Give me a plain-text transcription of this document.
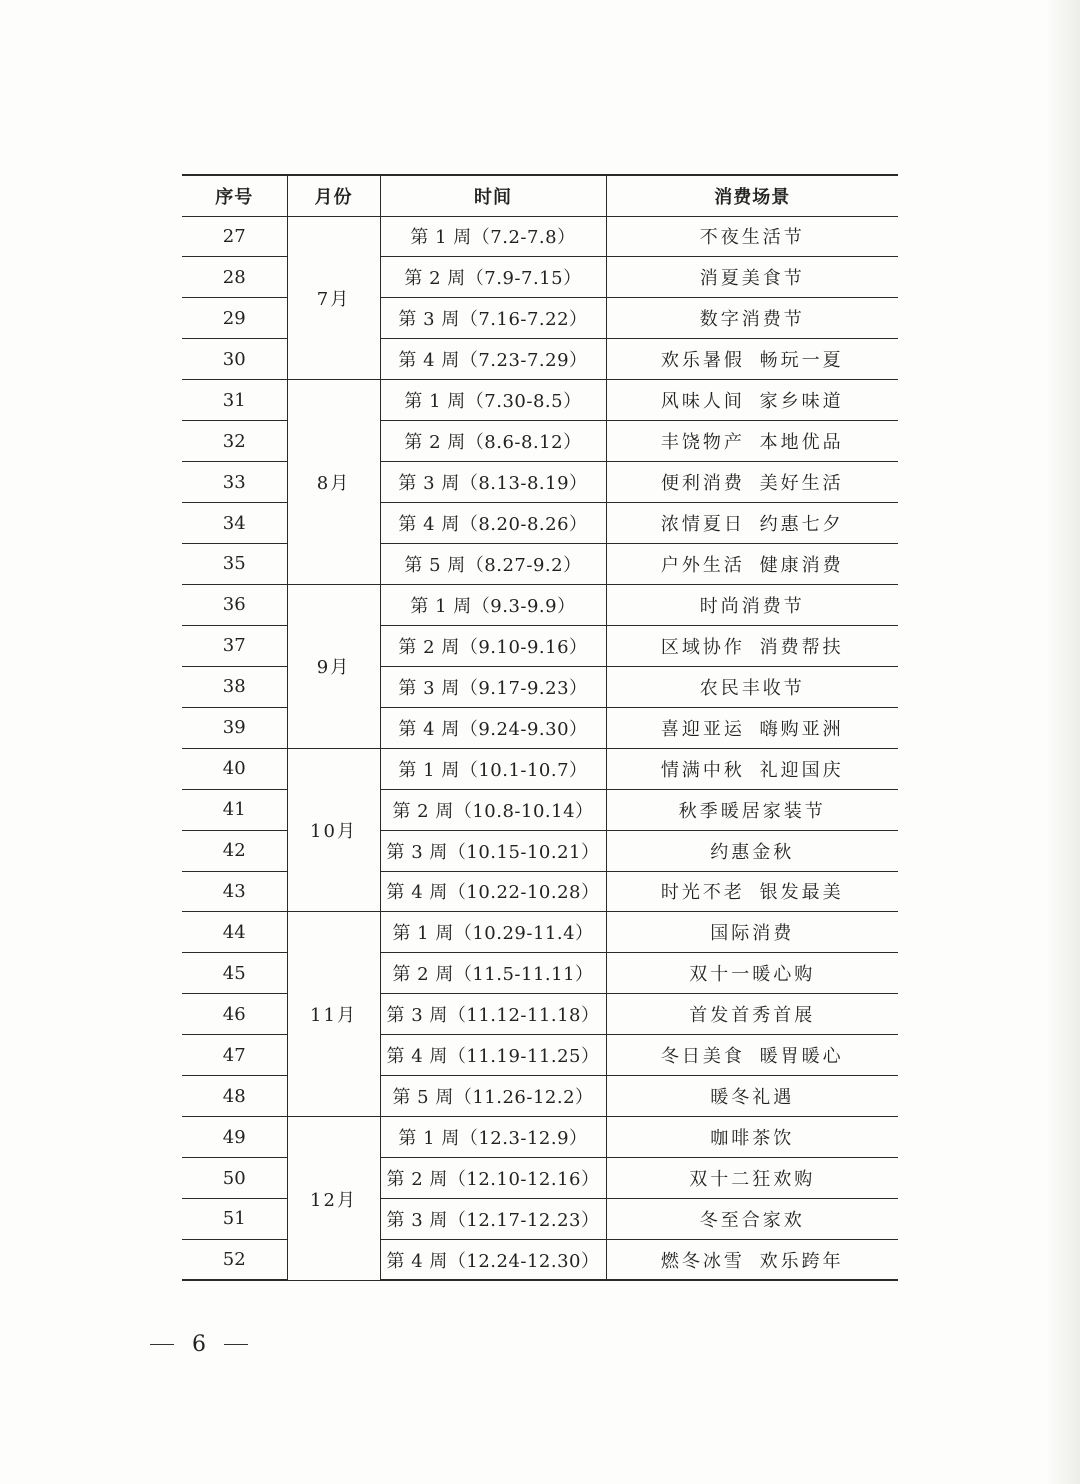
序号	月份	时间	消费场景
27	7月	第 1 周（7.2-7.8）	不夜生活节
28		第 2 周（7.9-7.15）	消夏美食节
29		第 3 周（7.16-7.22）	数字消费节
30		第 4 周（7.23-7.29）	欢乐暑假 畅玩一夏
31	8月	第 1 周（7.30-8.5）	风味人间 家乡味道
32		第 2 周（8.6-8.12）	丰饶物产 本地优品
33		第 3 周（8.13-8.19）	便利消费 美好生活
34		第 4 周（8.20-8.26）	浓情夏日 约惠七夕
35		第 5 周（8.27-9.2）	户外生活 健康消费
36	9月	第 1 周（9.3-9.9）	时尚消费节
37		第 2 周（9.10-9.16）	区域协作 消费帮扶
38		第 3 周（9.17-9.23）	农民丰收节
39		第 4 周（9.24-9.30）	喜迎亚运 嗨购亚洲
40	10月	第 1 周（10.1-10.7）	情满中秋 礼迎国庆
41		第 2 周（10.8-10.14）	秋季暖居家装节
42		第 3 周（10.15-10.21）	约惠金秋
43		第 4 周（10.22-10.28）	时光不老 银发最美
44	11月	第 1 周（10.29-11.4）	国际消费
45		第 2 周（11.5-11.11）	双十一暖心购
46		第 3 周（11.12-11.18）	首发首秀首展
47		第 4 周（11.19-11.25）	冬日美食 暖胃暖心
48		第 5 周（11.26-12.2）	暖冬礼遇
49	12月	第 1 周（12.3-12.9）	咖啡茶饮
50		第 2 周（12.10-12.16）	双十二狂欢购
51		第 3 周（12.17-12.23）	冬至合家欢
52		第 4 周（12.24-12.30）	燃冬冰雪 欢乐跨年
6
